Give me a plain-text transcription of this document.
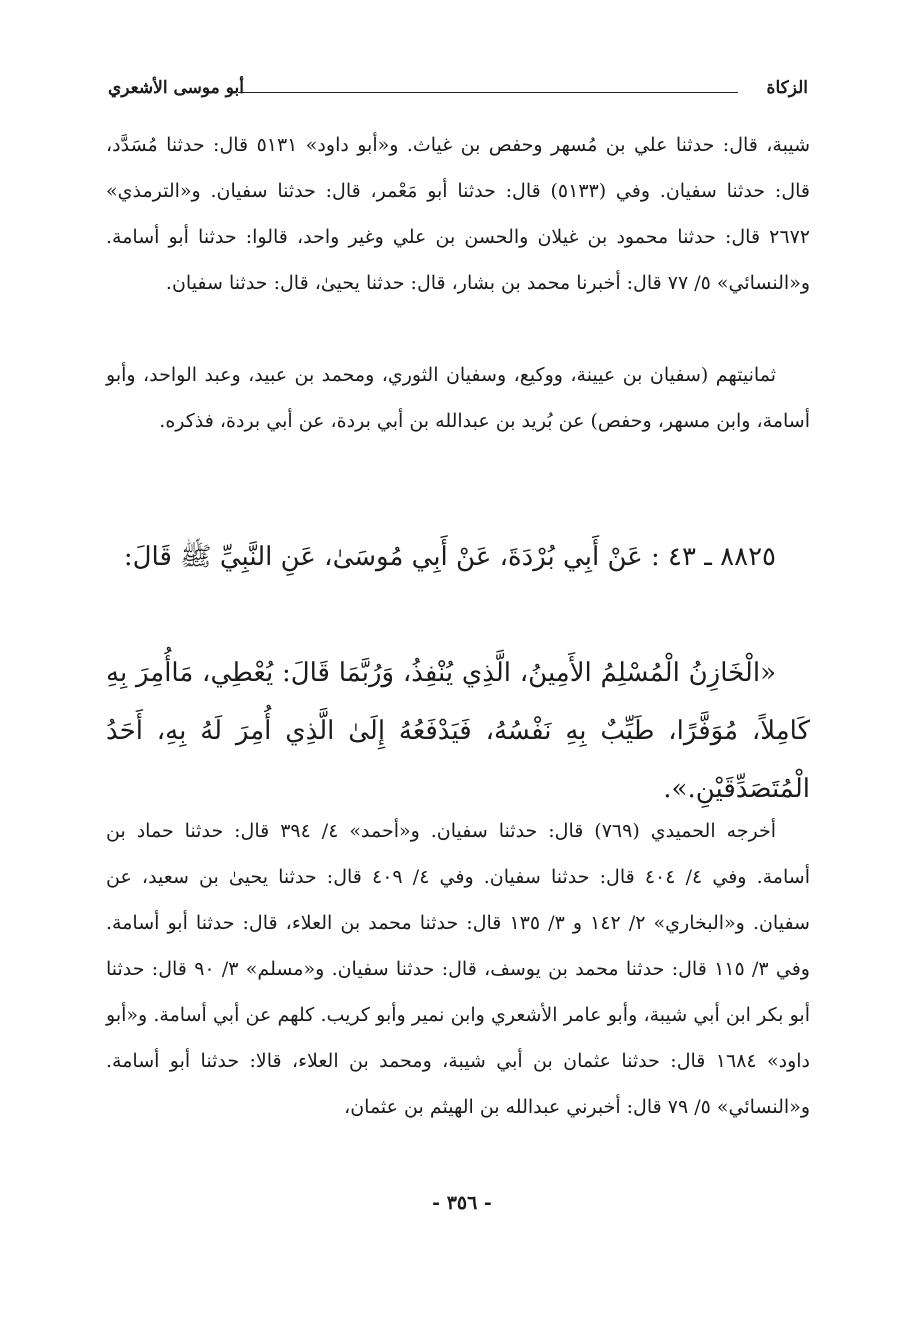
الزكاة
أبو موسى الأشعري

شيبة، قال: حدثنا علي بن مُسهر وحفص بن غياث. و«أبو داود» ٥١٣١ قال: حدثنا مُسَدَّد، قال: حدثنا سفيان. وفي (٥١٣٣) قال: حدثنا أبو مَعْمر، قال: حدثنا سفيان. و«الترمذي» ٢٦٧٢ قال: حدثنا محمود بن غيلان والحسن بن علي وغير واحد، قالوا: حدثنا أبو أسامة. و«النسائي» ٥/ ٧٧ قال: أخبرنا محمد بن بشار، قال: حدثنا يحيىٰ، قال: حدثنا سفيان.

ثمانيتهم (سفيان بن عيينة، ووكيع، وسفيان الثوري، ومحمد بن عبيد، وعبد الواحد، وأبو أسامة، وابن مسهر، وحفص) عن بُريد بن عبدالله بن أبي بردة، عن أبي بردة، فذكره.

٨٨٢٥ ـ ٤٣ : عَنْ أَبِي بُرْدَةَ، عَنْ أَبِي مُوسَىٰ، عَنِ النَّبِيِّ ﷺ قَالَ:

«الْخَازِنُ الْمُسْلِمُ الأَمِينُ، الَّذِي يُنْفِذُ، وَرُبَّمَا قَالَ: يُعْطِي، مَاأُمِرَ بِهِ كَامِلاً، مُوَفَّرًا، طَيِّبٌ بِهِ نَفْسُهُ، فَيَدْفَعُهُ إِلَىٰ الَّذِي أُمِرَ لَهُ بِهِ، أَحَدُ الْمُتَصَدِّقَيْنِ.».

أخرجه الحميدي (٧٦٩) قال: حدثنا سفيان. و«أحمد» ٤/ ٣٩٤ قال: حدثنا حماد بن أسامة. وفي ٤/ ٤٠٤ قال: حدثنا سفيان. وفي ٤/ ٤٠٩ قال: حدثنا يحيىٰ بن سعيد، عن سفيان. و«البخاري» ٢/ ١٤٢ و ٣/ ١٣٥ قال: حدثنا محمد بن العلاء، قال: حدثنا أبو أسامة. وفي ٣/ ١١٥ قال: حدثنا محمد بن يوسف، قال: حدثنا سفيان. و«مسلم» ٣/ ٩٠ قال: حدثنا أبو بكر ابن أبي شيبة، وأبو عامر الأشعري وابن نمير وأبو كريب. كلهم عن أبي أسامة. و«أبو داود» ١٦٨٤ قال: حدثنا عثمان بن أبي شيبة، ومحمد بن العلاء، قالا: حدثنا أبو أسامة. و«النسائي» ٥/ ٧٩ قال: أخبرني عبدالله بن الهيثم بن عثمان،

- ٣٥٦ -
